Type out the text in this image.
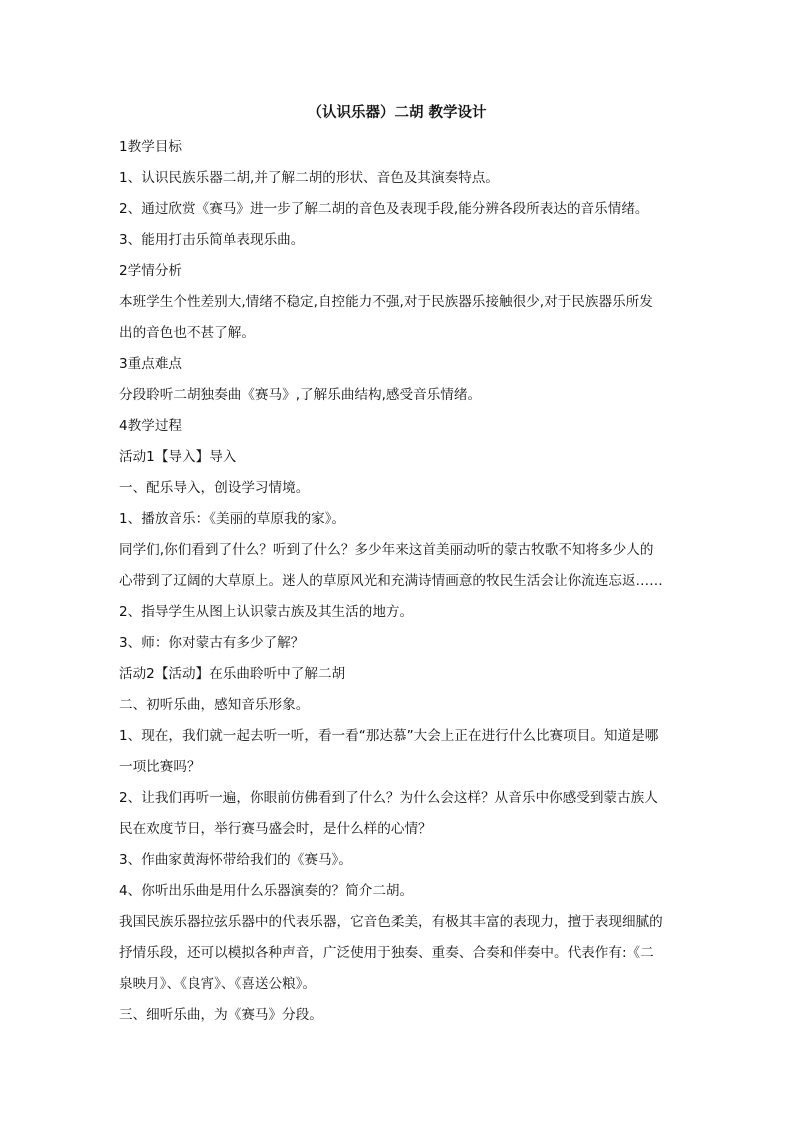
（认识乐器）二胡 教学设计
1教学目标
1、认识民族乐器二胡,并了解二胡的形状、音色及其演奏特点。
2、通过欣赏《赛马》进一步了解二胡的音色及表现手段,能分辨各段所表达的音乐情绪。
3、能用打击乐简单表现乐曲。
2学情分析
本班学生个性差别大,情绪不稳定,自控能力不强,对于民族器乐接触很少,对于民族器乐所发
出的音色也不甚了解。
3重点难点
分段聆听二胡独奏曲《赛马》,了解乐曲结构,感受音乐情绪。
4教学过程
活动1【导入】导入
一、配乐导入，创设学习情境。
1、播放音乐：《美丽的草原我的家》。
同学们,你们看到了什么？听到了什么？多少年来这首美丽动听的蒙古牧歌不知将多少人的
心带到了辽阔的大草原上。迷人的草原风光和充满诗情画意的牧民生活会让你流连忘返……
2、指导学生从图上认识蒙古族及其生活的地方。
3、师：你对蒙古有多少了解？
活动2【活动】在乐曲聆听中了解二胡
二、初听乐曲，感知音乐形象。
1、现在，我们就一起去听一听，看一看“那达慕”大会上正在进行什么比赛项目。知道是哪
一项比赛吗？
2、让我们再听一遍，你眼前仿佛看到了什么？为什么会这样？从音乐中你感受到蒙古族人
民在欢度节日，举行赛马盛会时，是什么样的心情？
3、作曲家黄海怀带给我们的《赛马》。
4、你听出乐曲是用什么乐器演奏的？简介二胡。
我国民族乐器拉弦乐器中的代表乐器，它音色柔美，有极其丰富的表现力，擅于表现细腻的
抒情乐段，还可以模拟各种声音，广泛使用于独奏、重奏、合奏和伴奏中。代表作有:《二
泉映月》、《良宵》、《喜送公粮》。
三、细听乐曲，为《赛马》分段。
